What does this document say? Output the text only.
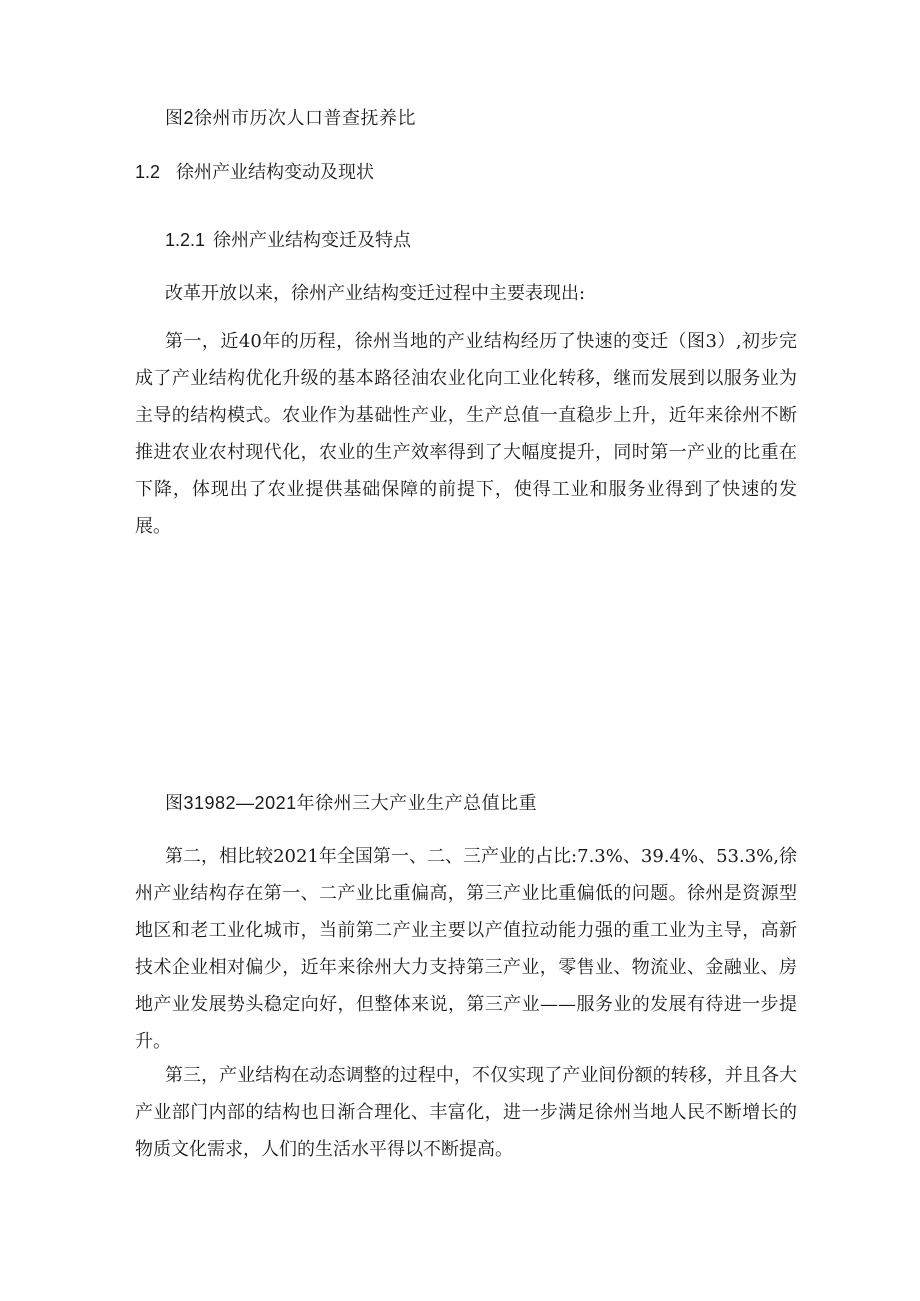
图2徐州市历次人口普查抚养比
1.2 徐州产业结构变动及现状
1.2.1 徐州产业结构变迁及特点
改革开放以来，徐州产业结构变迁过程中主要表现出:
第一，近40年的历程，徐州当地的产业结构经历了快速的变迁（图3）,初步完成了产业结构优化升级的基本路径油农业化向工业化转移，继而发展到以服务业为主导的结构模式。农业作为基础性产业，生产总值一直稳步上升，近年来徐州不断推进农业农村现代化，农业的生产效率得到了大幅度提升，同时第一产业的比重在下降，体现出了农业提供基础保障的前提下，使得工业和服务业得到了快速的发展。
图31982—2021年徐州三大产业生产总值比重
第二，相比较2021年全国第一、二、三产业的占比:7.3%、39.4%、53.3%,徐州产业结构存在第一、二产业比重偏高，第三产业比重偏低的问题。徐州是资源型地区和老工业化城市，当前第二产业主要以产值拉动能力强的重工业为主导，高新技术企业相对偏少，近年来徐州大力支持第三产业，零售业、物流业、金融业、房地产业发展势头稳定向好，但整体来说，第三产业——服务业的发展有待进一步提升。
第三，产业结构在动态调整的过程中，不仅实现了产业间份额的转移，并且各大产业部门内部的结构也日渐合理化、丰富化，进一步满足徐州当地人民不断增长的物质文化需求，人们的生活水平得以不断提高。
